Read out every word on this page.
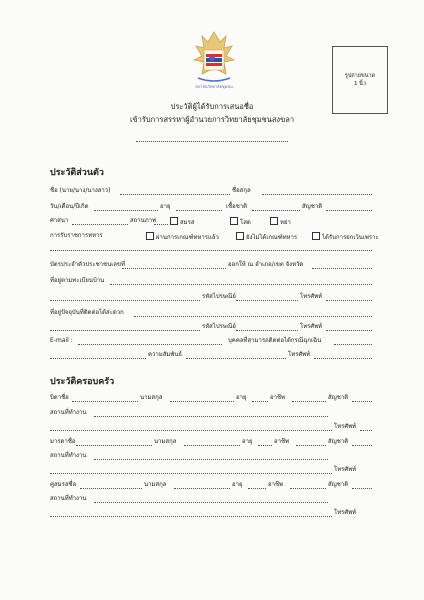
สถาบันวิทยาลัยชุมชน
รูปถ่ายขนาด
1 นิ้ว
ประวัติผู้ได้รับการเสนอชื่อ
เข้ารับการสรรหาผู้อำนวยการวิทยาลัยชุมชนสงขลา
ประวัติส่วนตัว
ชื่อ (นาย/นาง/นางสาว)	ชื่อสกุล
วัน/เดือน/ปีเกิด	อายุ	เชื้อชาติ	สัญชาติ
ศาสนา	สถานภาพ	สมรส	โสด	หย่า
การรับราชการทหาร	ผ่านการเกณฑ์ทหารแล้ว	ยังไม่ได้เกณฑ์ทหาร	ได้รับการยกเว้นเพราะ
บัตรประจำตัวประชาชนเลขที่	ออกให้ ณ อำเภอ/เขต จังหวัด
ที่อยู่ตามทะเบียนบ้าน
รหัสไปรษณีย์	โทรศัพท์
ที่อยู่ปัจจุบันที่ติดต่อได้สะดวก
รหัสไปรษณีย์	โทรศัพท์
E-mail :	บุคคลที่สามารถติดต่อได้กรณีฉุกเฉิน
ความสัมพันธ์	โทรศัพท์
ประวัติครอบครัว
บิดาชื่อ	นามสกุล	อายุ	อาชีพ	สัญชาติ
สถานที่ทำงาน
โทรศัพท์
มารดาชื่อ	นามสกุล	อายุ	อาชีพ	สัญชาติ
สถานที่ทำงาน
โทรศัพท์
คู่สมรสชื่อ	นามสกุล	อายุ	อาชีพ	สัญชาติ
สถานที่ทำงาน
โทรศัพท์
